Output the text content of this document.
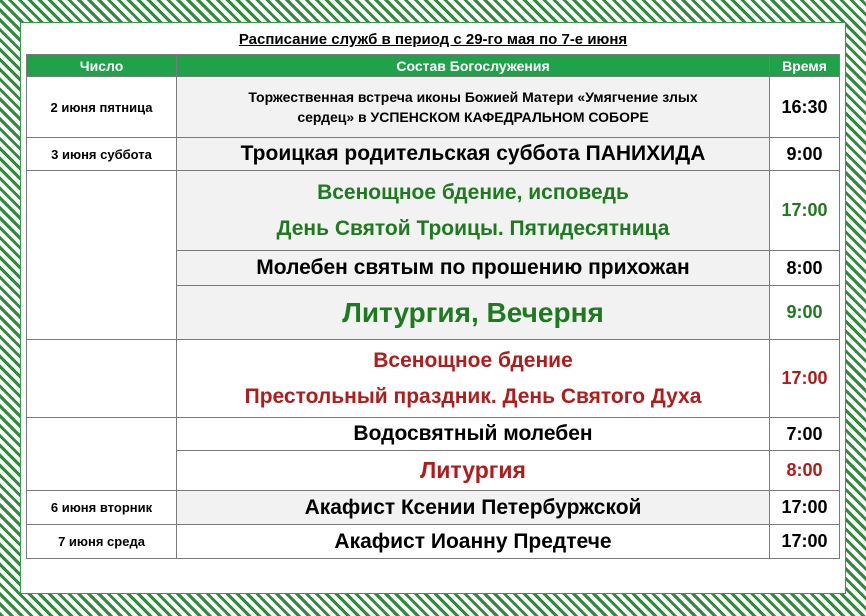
Расписание служб в период с 29-го мая по 7-е июня
Число	Состав Богослужения	Время
2 июня пятница	Торжественная встреча иконы Божией Матери «Умягчение злых
сердец» в УСПЕНСКОМ КАФЕДРАЛЬНОМ СОБОРЕ	16:30
3 июня суббота	Троицкая родительская суббота ПАНИХИДА	9:00

	Всенощное бдение, исповедь
День Святой Троицы. Пятидесятница	17:00
	Молебен святым по прошению прихожан	8:00
	Литургия, Вечерня	9:00

	Всенощное бдение
Престольный праздник. День Святого Духа	17:00

	Водосвятный молебен	7:00
	Литургия	8:00
6 июня вторник	Акафист Ксении Петербуржской	17:00
7 июня среда	Акафист Иоанну Предтече	17:00
